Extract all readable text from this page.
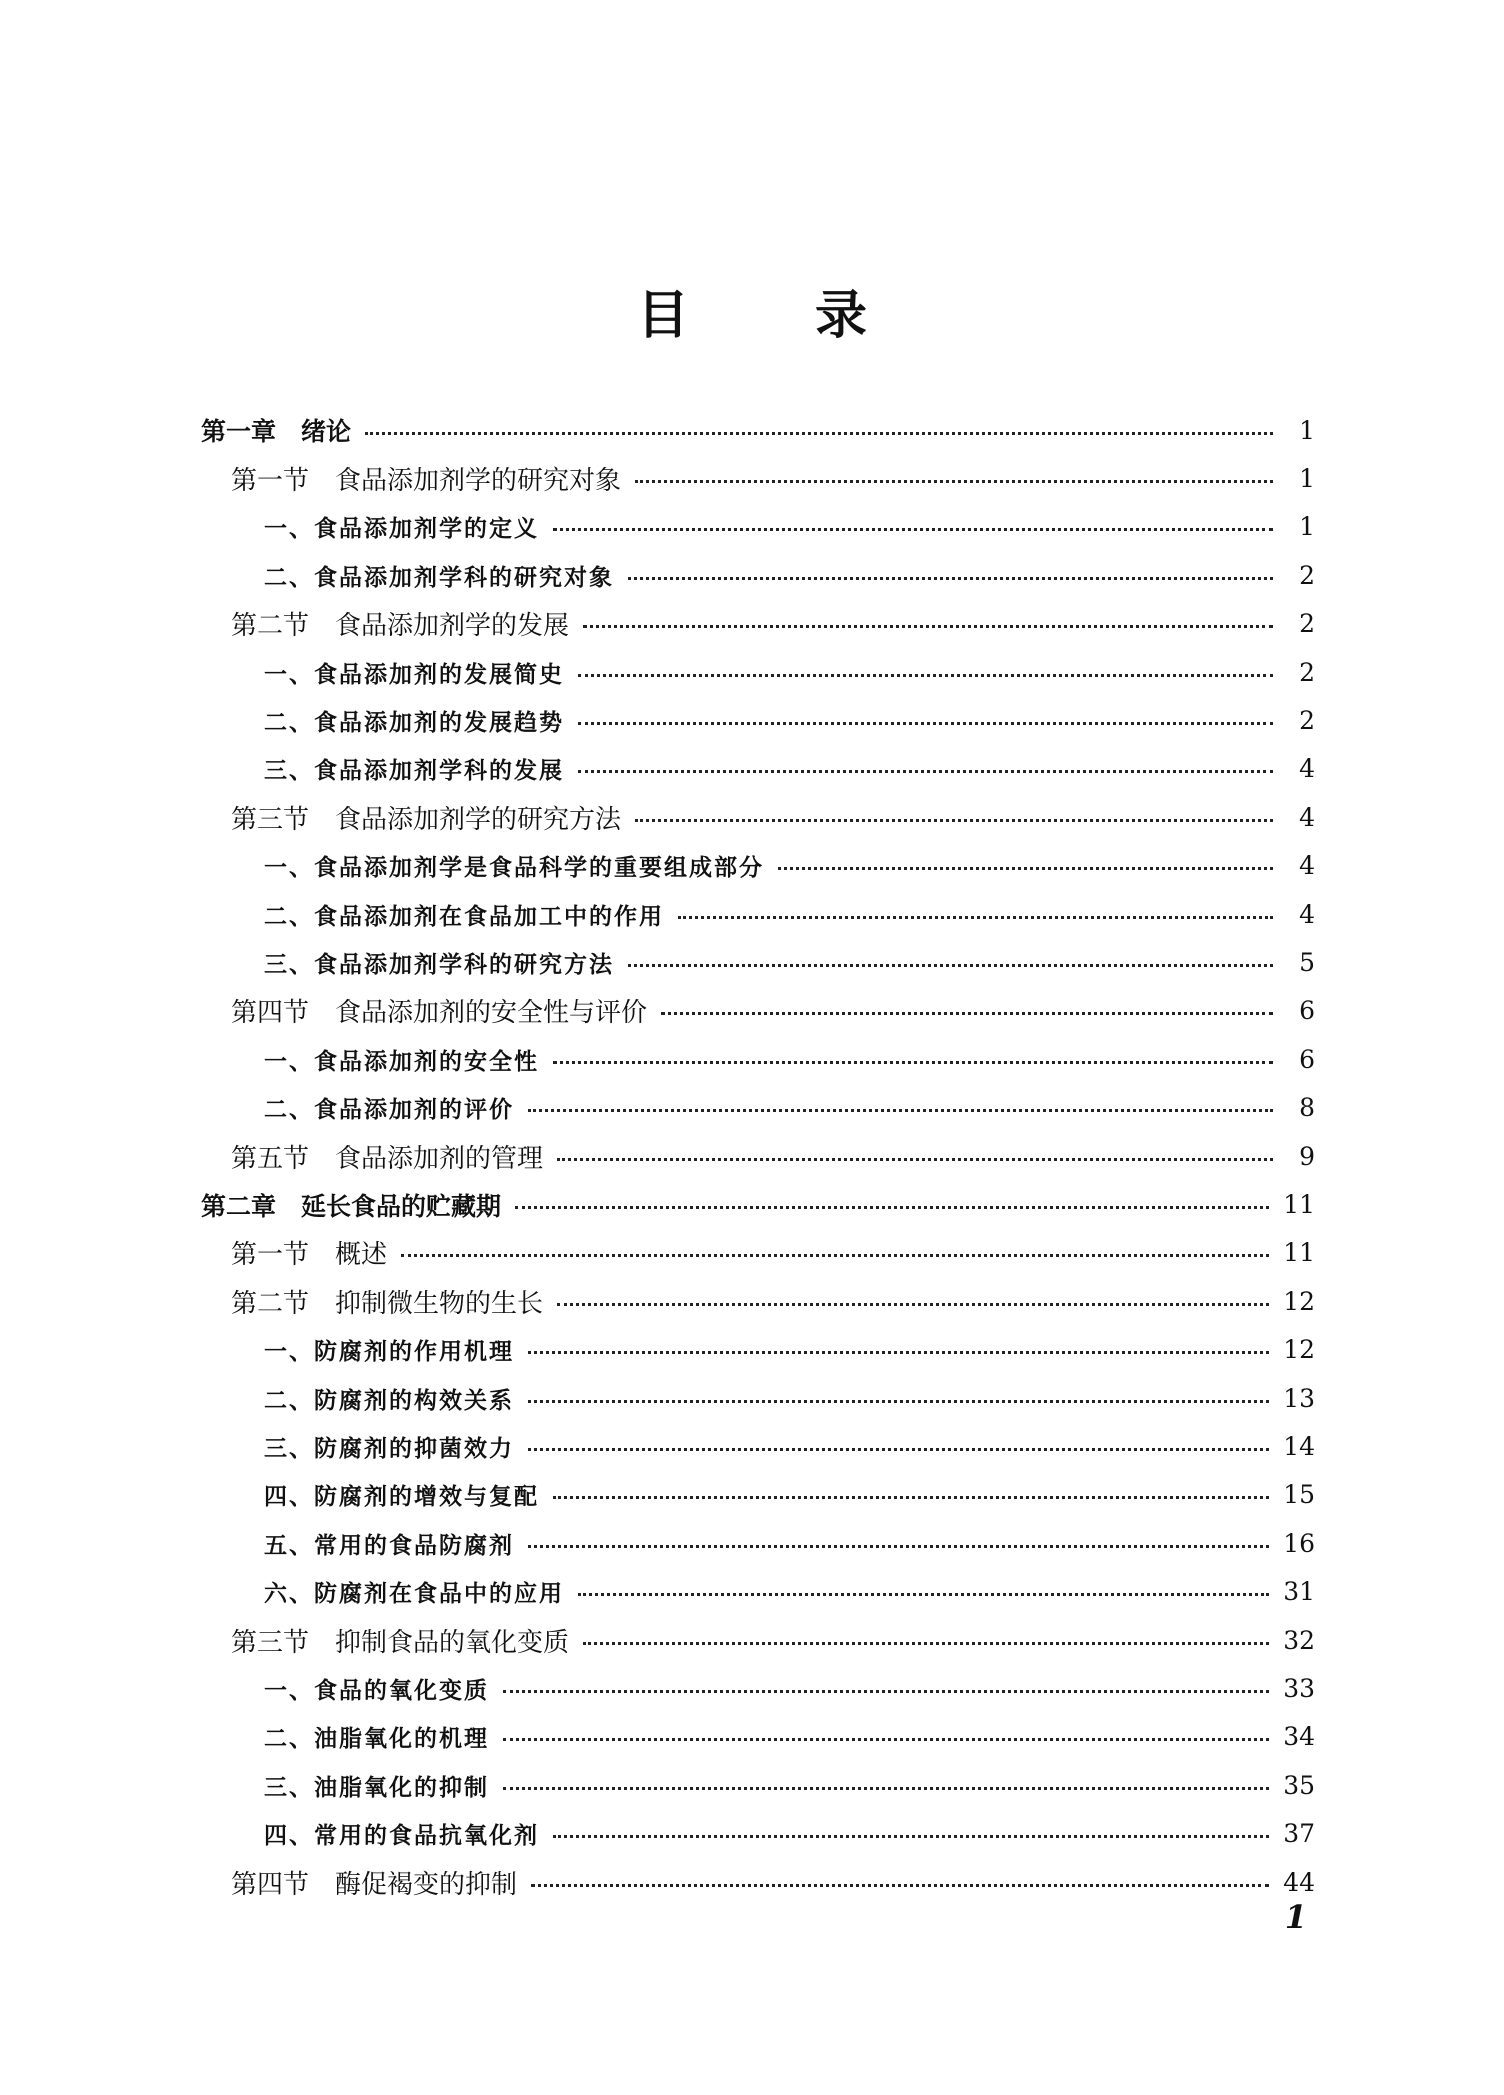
目 录
第一章　绪论	1
第一节　食品添加剂学的研究对象	1
一、食品添加剂学的定义	1
二、食品添加剂学科的研究对象	2
第二节　食品添加剂学的发展	2
一、食品添加剂的发展简史	2
二、食品添加剂的发展趋势	2
三、食品添加剂学科的发展	4
第三节　食品添加剂学的研究方法	4
一、食品添加剂学是食品科学的重要组成部分	4
二、食品添加剂在食品加工中的作用	4
三、食品添加剂学科的研究方法	5
第四节　食品添加剂的安全性与评价	6
一、食品添加剂的安全性	6
二、食品添加剂的评价	8
第五节　食品添加剂的管理	9
第二章　延长食品的贮藏期	11
第一节　概述	11
第二节　抑制微生物的生长	12
一、防腐剂的作用机理	12
二、防腐剂的构效关系	13
三、防腐剂的抑菌效力	14
四、防腐剂的增效与复配	15
五、常用的食品防腐剂	16
六、防腐剂在食品中的应用	31
第三节　抑制食品的氧化变质	32
一、食品的氧化变质	33
二、油脂氧化的机理	34
三、油脂氧化的抑制	35
四、常用的食品抗氧化剂	37
第四节　酶促褐变的抑制	44
1
